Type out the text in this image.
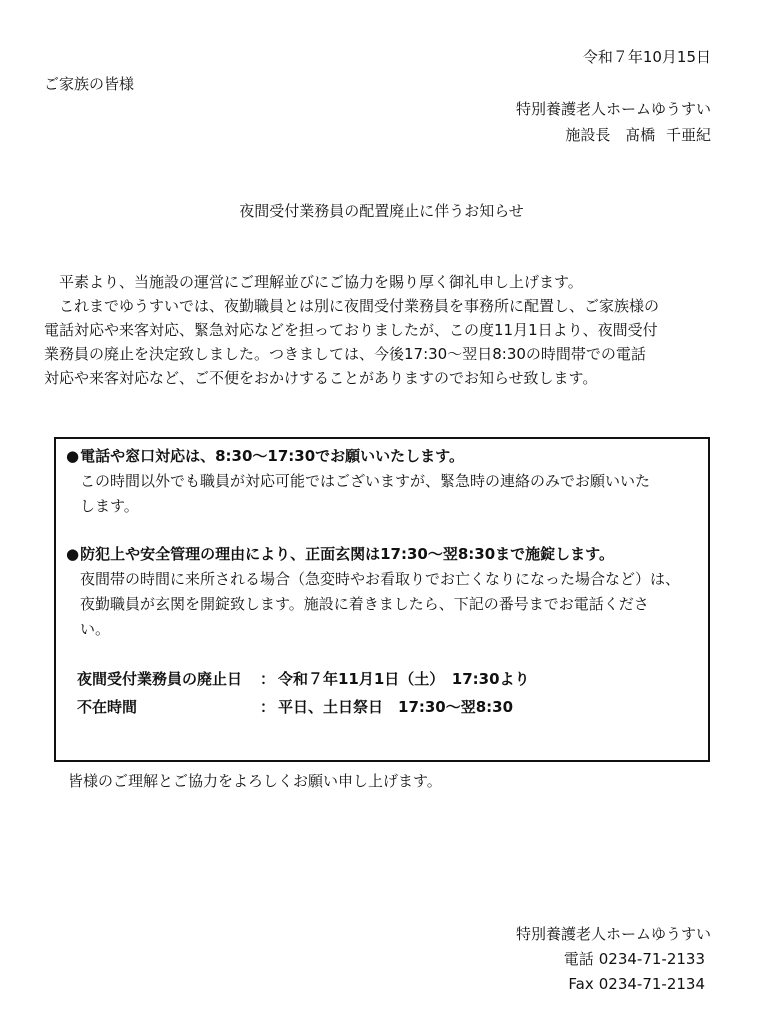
令和７年10月15日
ご家族の皆様
特別養護老人ホームゆうすい
施設長 髙橋 千亜紀
夜間受付業務員の配置廃止に伴うお知らせ
　平素より、当施設の運営にご理解並びにご協力を賜り厚く御礼申し上げます。
　これまでゆうすいでは、夜勤職員とは別に夜間受付業務員を事務所に配置し、ご家族様の
電話対応や来客対応、緊急対応などを担っておりましたが、この度11月1日より、夜間受付
業務員の廃止を決定致しました。つきましては、今後17:30～翌日8:30の時間帯での電話
対応や来客対応など、ご不便をおかけすることがありますのでお知らせ致します。
●電話や窓口対応は、8:30～17:30でお願いいたします。
この時間以外でも職員が対応可能ではございますが、緊急時の連絡のみでお願いいた
します。
●防犯上や安全管理の理由により、正面玄関は17:30～翌8:30まで施錠します。
夜間帯の時間に来所される場合（急変時やお看取りでお亡くなりになった場合など）は、
夜勤職員が玄関を開錠致します。施設に着きましたら、下記の番号までお電話くださ
い。
夜間受付業務員の廃止日 ： 令和７年11月1日（土）　17:30より
不在時間	： 平日、土日祭日　17:30～翌8:30
皆様のご理解とご協力をよろしくお願い申し上げます。
特別養護老人ホームゆうすい
電話 0234-71-2133
Fax 0234-71-2134
